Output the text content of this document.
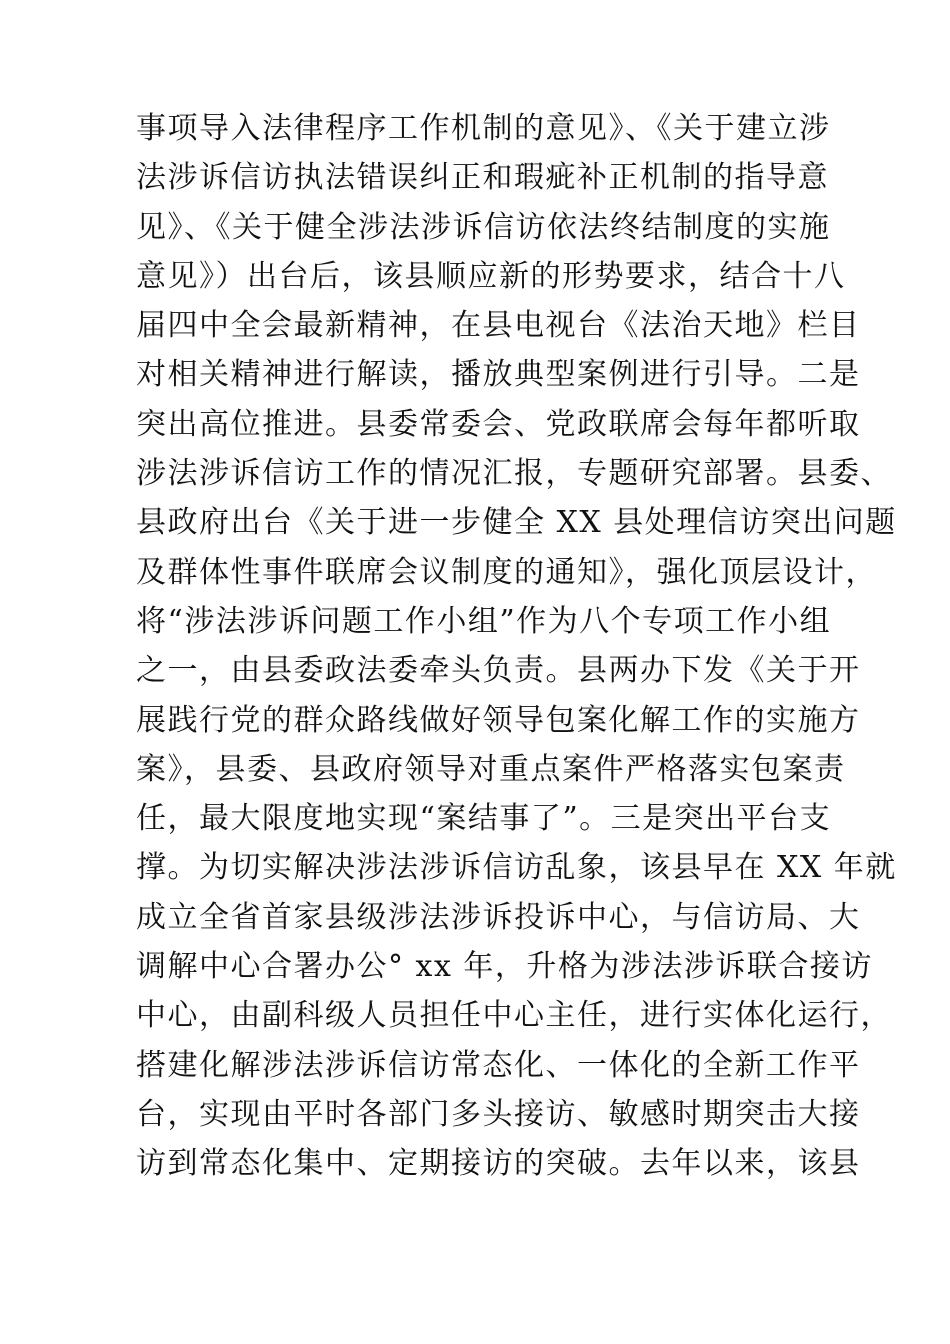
事项导入法律程序工作机制的意见》、《关于建立涉
法涉诉信访执法错误纠正和瑕疵补正机制的指导意
见》、《关于健全涉法涉诉信访依法终结制度的实施
意见》）出台后，该县顺应新的形势要求，结合十八
届四中全会最新精神，在县电视台《法治天地》栏目
对相关精神进行解读，播放典型案例进行引导。二是
突出高位推进。县委常委会、党政联席会每年都听取
涉法涉诉信访工作的情况汇报，专题研究部署。县委、
县政府出台《关于进一步健全 XX 县处理信访突出问题
及群体性事件联席会议制度的通知》，强化顶层设计，
将“涉法涉诉问题工作小组”作为八个专项工作小组
之一，由县委政法委牵头负责。县两办下发《关于开
展践行党的群众路线做好领导包案化解工作的实施方
案》，县委、县政府领导对重点案件严格落实包案责
任，最大限度地实现“案结事了”。三是突出平台支
撑。为切实解决涉法涉诉信访乱象，该县早在 XX 年就
成立全省首家县级涉法涉诉投诉中心，与信访局、大
调解中心合署办公° xx 年，升格为涉法涉诉联合接访
中心，由副科级人员担任中心主任，进行实体化运行，
搭建化解涉法涉诉信访常态化、一体化的全新工作平
台，实现由平时各部门多头接访、敏感时期突击大接
访到常态化集中、定期接访的突破。去年以来，该县
